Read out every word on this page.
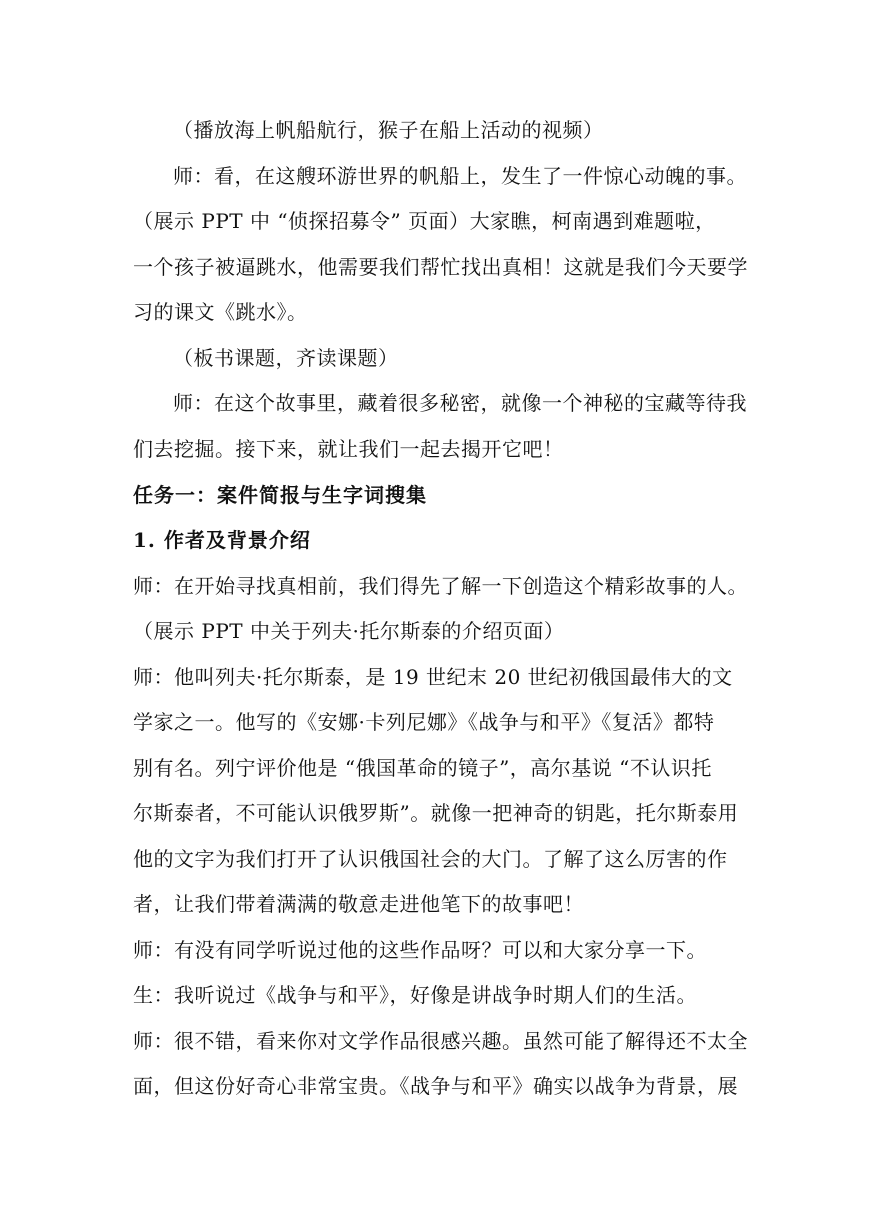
（播放海上帆船航行，猴子在船上活动的视频）
师：看，在这艘环游世界的帆船上，发生了一件惊心动魄的事。
（展示 PPT 中 “侦探招募令” 页面）大家瞧，柯南遇到难题啦，
一个孩子被逼跳水，他需要我们帮忙找出真相！这就是我们今天要学
习的课文《跳水》。
（板书课题，齐读课题）
师：在这个故事里，藏着很多秘密，就像一个神秘的宝藏等待我
们去挖掘。接下来，就让我们一起去揭开它吧！
任务一：案件简报与生字词搜集
1. 作者及背景介绍
师：在开始寻找真相前，我们得先了解一下创造这个精彩故事的人。
（展示 PPT 中关于列夫·托尔斯泰的介绍页面）
师：他叫列夫·托尔斯泰，是 19 世纪末 20 世纪初俄国最伟大的文
学家之一。他写的《安娜·卡列尼娜》《战争与和平》《复活》都特
别有名。列宁评价他是 “俄国革命的镜子”，高尔基说 “不认识托
尔斯泰者，不可能认识俄罗斯”。就像一把神奇的钥匙，托尔斯泰用
他的文字为我们打开了认识俄国社会的大门。了解了这么厉害的作
者，让我们带着满满的敬意走进他笔下的故事吧！
师：有没有同学听说过他的这些作品呀？可以和大家分享一下。
生：我听说过《战争与和平》，好像是讲战争时期人们的生活。
师：很不错，看来你对文学作品很感兴趣。虽然可能了解得还不太全
面，但这份好奇心非常宝贵。《战争与和平》确实以战争为背景，展
